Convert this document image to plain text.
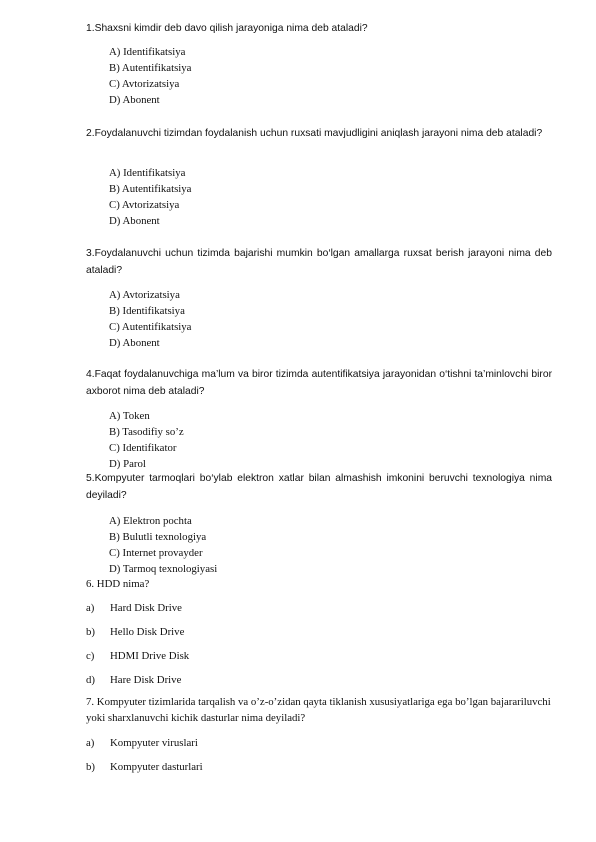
1.Shaxsni kimdir deb davo qilish jarayoniga nima deb ataladi?
A) Identifikatsiya
B) Autentifikatsiya
C) Avtorizatsiya
D) Abonent
2.Foydalanuvchi tizimdan foydalanish uchun ruxsati mavjudligini aniqlash jarayoni nima deb ataladi?
A) Identifikatsiya
B) Autentifikatsiya
C) Avtorizatsiya
D) Abonent
3.Foydalanuvchi uchun tizimda bajarishi mumkin bo‘lgan amallarga ruxsat berish jarayoni nima deb ataladi?
A) Avtorizatsiya
B) Identifikatsiya
C) Autentifikatsiya
D) Abonent
4.Faqat foydalanuvchiga ma’lum va biror tizimda autentifikatsiya jarayonidan o‘tishni ta’minlovchi biror axborot nima deb ataladi?
A) Token
B) Tasodifiy so’z
C) Identifikator
D) Parol
5.Kompyuter tarmoqlari bo‘ylab elektron xatlar bilan almashish imkonini beruvchi texnologiya nima deyiladi?
A) Elektron pochta
B) Bulutli texnologiya
C) Internet provayder
D) Tarmoq texnologiyasi
6. HDD nima?
a) Hard Disk Drive
b) Hello Disk Drive
c) HDMI Drive Disk
d) Hare Disk Drive
7. Kompyuter tizimlarida tarqalish va o’z-o’zidan qayta tiklanish xususiyatlariga ega bo’lgan bajarariluvchi yoki sharxlanuvchi kichik dasturlar nima deyiladi?
a) Kompyuter viruslari
b) Kompyuter dasturlari
